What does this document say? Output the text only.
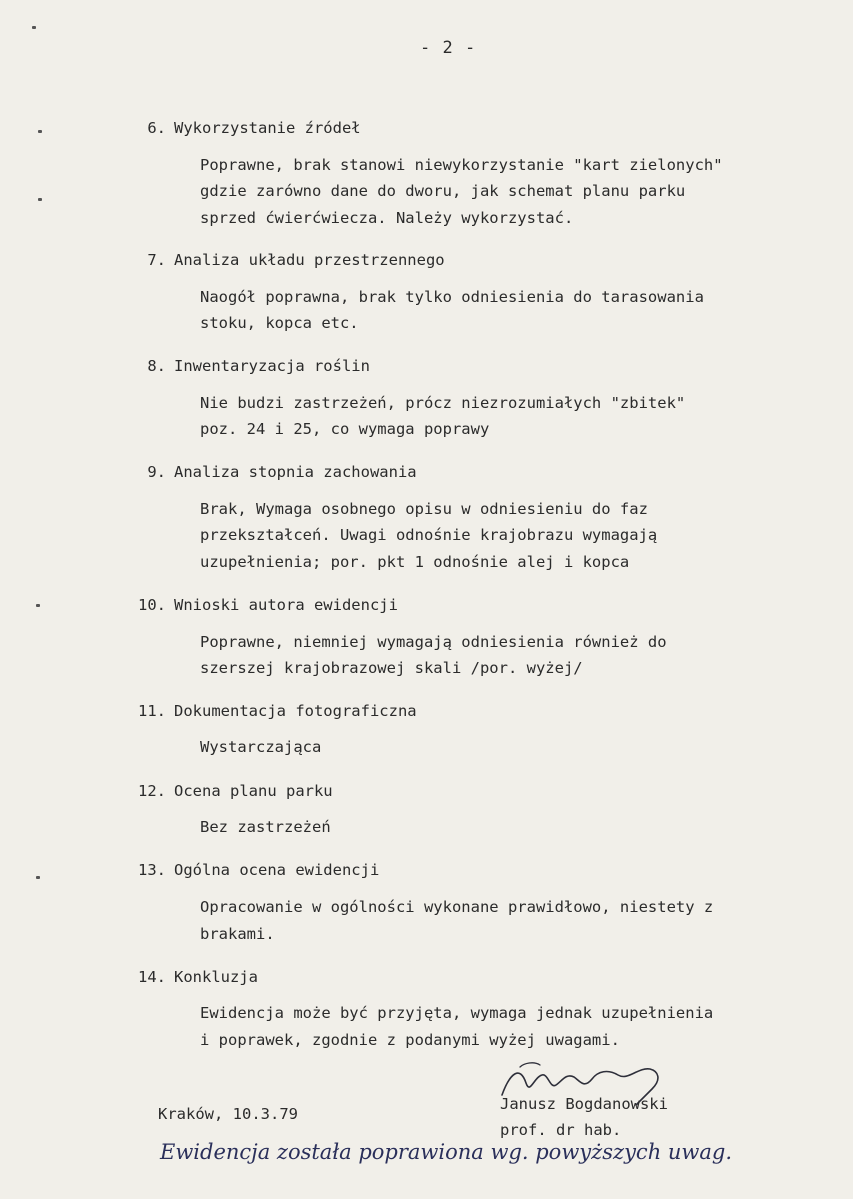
- 2 -
6. Wykorzystanie źródeł
Poprawne, brak stanowi niewykorzystanie "kart zielonych"
gdzie zarówno dane do dworu, jak schemat planu parku
sprzed ćwierćwiecza. Należy wykorzystać.
7. Analiza układu przestrzennego
Naogół poprawna, brak tylko odniesienia do tarasowania
stoku, kopca etc.
8. Inwentaryzacja roślin
Nie budzi zastrzeżeń, prócz niezrozumiałych "zbitek"
poz. 24 i 25, co wymaga poprawy
9. Analiza stopnia zachowania
Brak, Wymaga osobnego opisu w odniesieniu do faz
przekształceń. Uwagi odnośnie krajobrazu wymagają
uzupełnienia; por. pkt 1 odnośnie alej i kopca
10. Wnioski autora ewidencji
Poprawne, niemniej wymagają odniesienia również do
szerszej krajobrazowej skali /por. wyżej/
11. Dokumentacja fotograficzna
Wystarczająca
12. Ocena planu parku
Bez zastrzeżeń
13. Ogólna ocena ewidencji
Opracowanie w ogólności wykonane prawidłowo, niestety z
brakami.
14. Konkluzja
Ewidencja może być przyjęta, wymaga jednak uzupełnienia
i poprawek, zgodnie z podanymi wyżej uwagami.
Janusz Bogdanowski
prof. dr hab.
Kraków, 10.3.79
Ewidencja została poprawiona wg. powyższych uwag.
